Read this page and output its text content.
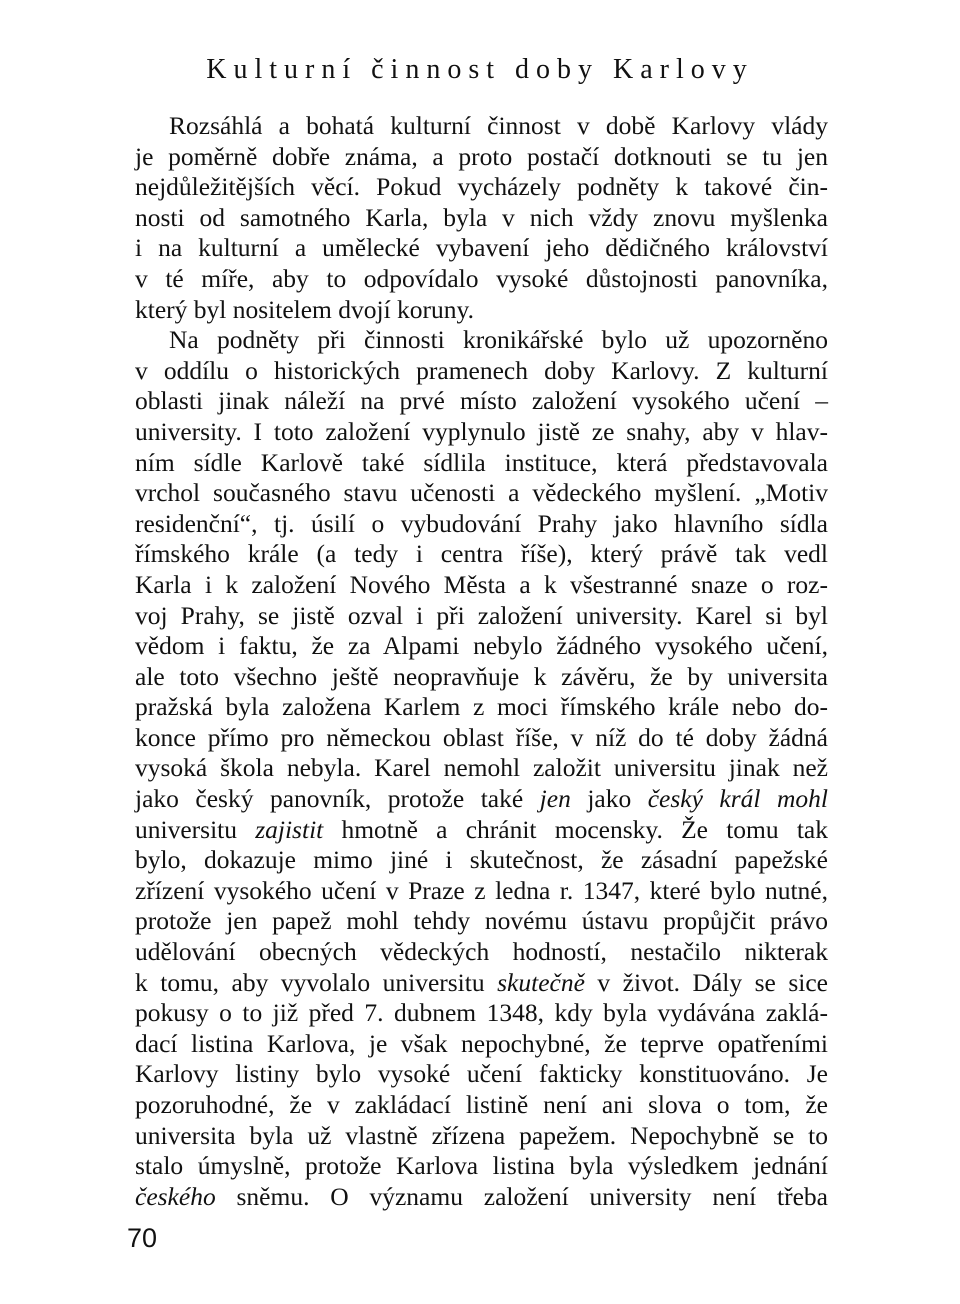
Kulturní činnost doby Karlovy
Rozsáhlá a bohatá kulturní činnost v době Karlovy vlády
je poměrně dobře známa, a proto postačí dotknouti se tu jen
nejdůležitějších věcí. Pokud vycházely podněty k takové čin-
nosti od samotného Karla, byla v nich vždy znovu myšlenka
i na kulturní a umělecké vybavení jeho dědičného království
v té míře, aby to odpovídalo vysoké důstojnosti panovníka,
který byl nositelem dvojí koruny.
Na podněty při činnosti kronikářské bylo už upozorněno
v oddílu o historických pramenech doby Karlovy. Z kulturní
oblasti jinak náleží na prvé místo založení vysokého učení –
university. I toto založení vyplynulo jistě ze snahy, aby v hlav-
ním sídle Karlově také sídlila instituce, která představovala
vrchol současného stavu učenosti a vědeckého myšlení. „Motiv
residenční“, tj. úsilí o vybudování Prahy jako hlavního sídla
římského krále (a tedy i centra říše), který právě tak vedl
Karla i k založení Nového Města a k všestranné snaze o roz-
voj Prahy, se jistě ozval i při založení university. Karel si byl
vědom i faktu, že za Alpami nebylo žádného vysokého učení,
ale toto všechno ještě neopravňuje k závěru, že by universita
pražská byla založena Karlem z moci římského krále nebo do-
konce přímo pro německou oblast říše, v níž do té doby žádná
vysoká škola nebyla. Karel nemohl založit universitu jinak než
jako český panovník, protože také jen jako český král mohl
universitu zajistit hmotně a chránit mocensky. Že tomu tak
bylo, dokazuje mimo jiné i skutečnost, že zásadní papežské
zřízení vysokého učení v Praze z ledna r. 1347, které bylo nutné,
protože jen papež mohl tehdy novému ústavu propůjčit právo
udělování obecných vědeckých hodností, nestačilo nikterak
k tomu, aby vyvolalo universitu skutečně v život. Dály se sice
pokusy o to již před 7. dubnem 1348, kdy byla vydávána zaklá-
dací listina Karlova, je však nepochybné, že teprve opatřeními
Karlovy listiny bylo vysoké učení fakticky konstituováno. Je
pozoruhodné, že v zakládací listině není ani slova o tom, že
universita byla už vlastně zřízena papežem. Nepochybně se to
stalo úmyslně, protože Karlova listina byla výsledkem jednání
českého sněmu. O významu založení university není třeba
70
